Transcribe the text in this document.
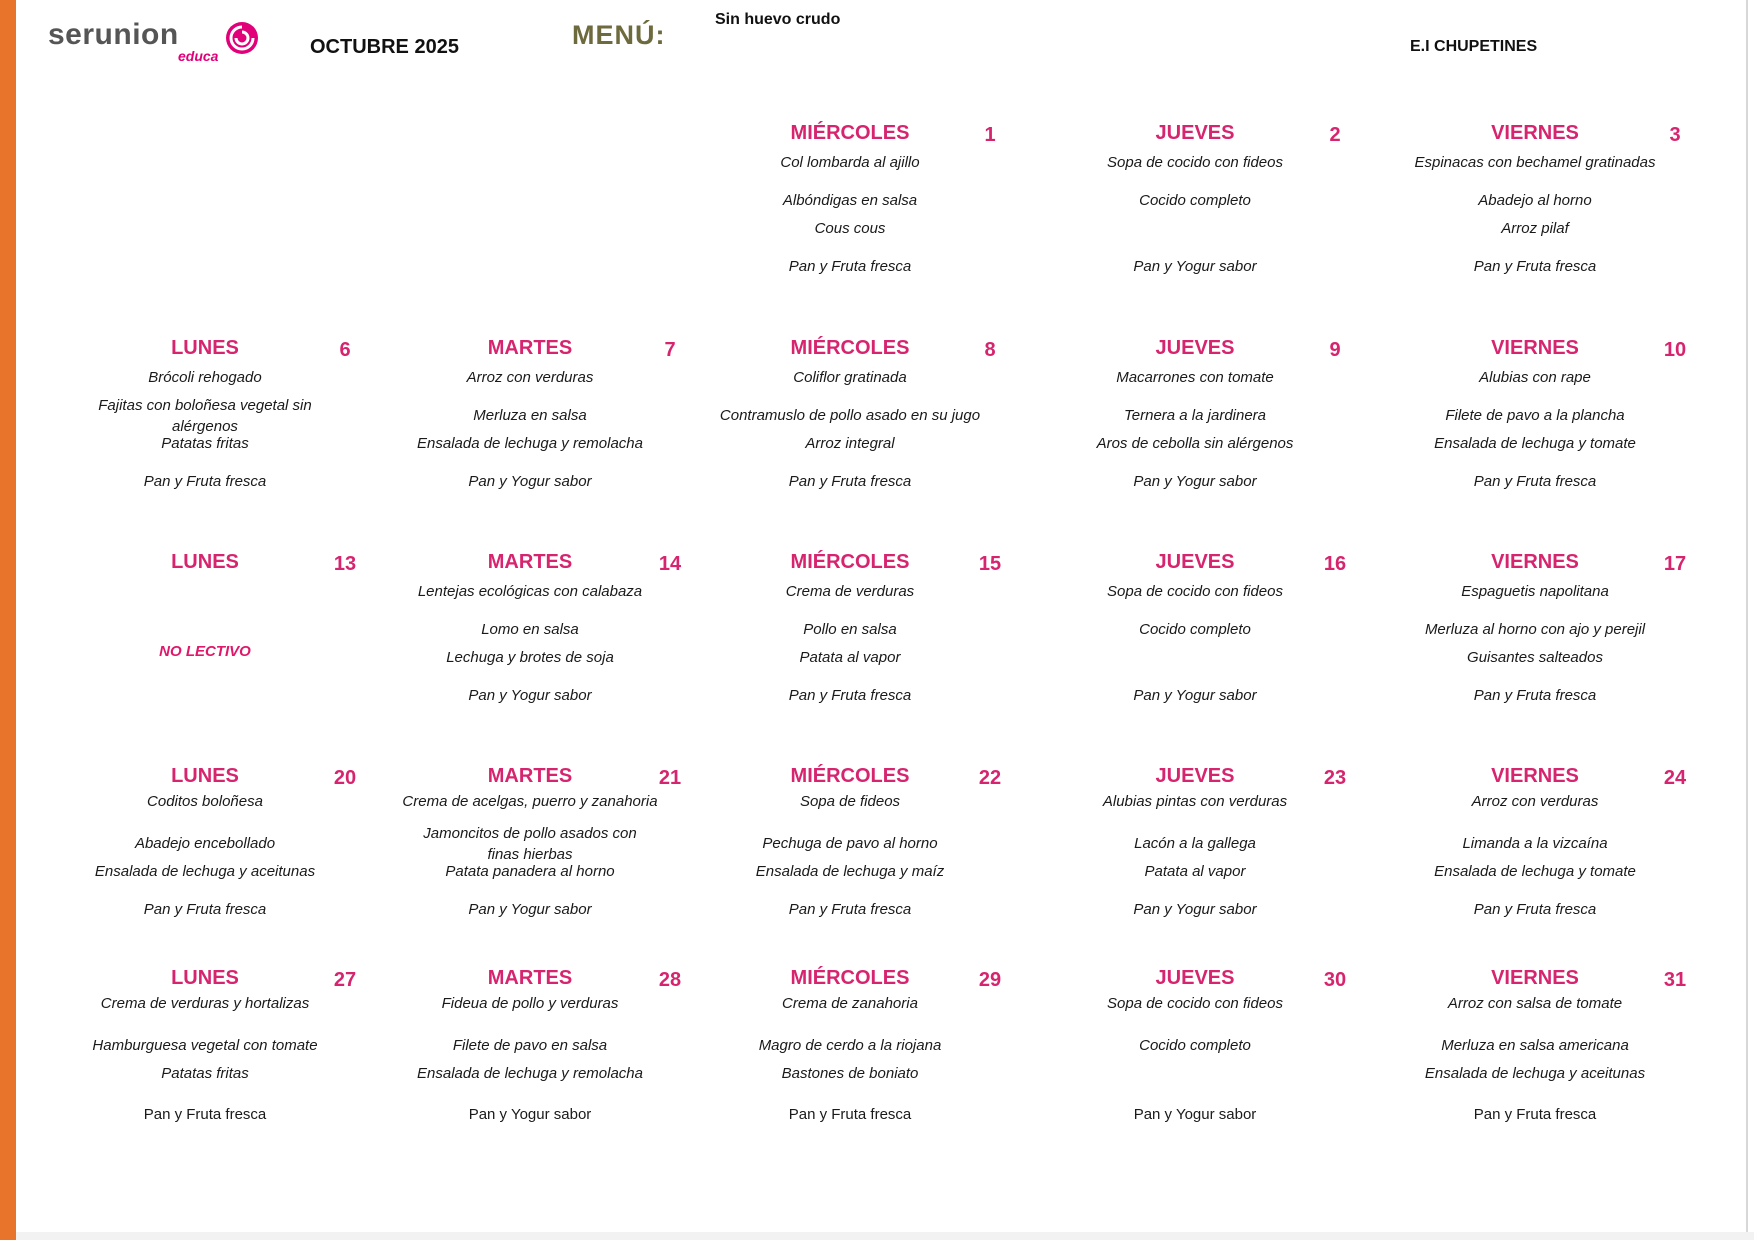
serunion
educa	OCTUBRE 2025	MENÚ:
Sin huevo crudo
E.I CHUPETINES
MIÉRCOLES	1
Col lombarda al ajillo
Albóndigas en salsa
Cous cous
Pan y Fruta fresca
JUEVES	2
Sopa de cocido con fideos
Cocido completo
Pan y Yogur sabor
VIERNES	3
Espinacas con bechamel gratinadas
Abadejo al horno
Arroz pilaf
Pan y Fruta fresca
LUNES	6
Brócoli rehogado
Fajitas con boloñesa vegetal sin alérgenos
Patatas fritas
Pan y Fruta fresca
MARTES	7
Arroz con verduras
Merluza en salsa
Ensalada de lechuga y remolacha
Pan y Yogur sabor
MIÉRCOLES	8
Coliflor gratinada
Contramuslo de pollo asado en su jugo
Arroz integral
Pan y Fruta fresca
JUEVES	9
Macarrones con tomate
Ternera a la jardinera
Aros de cebolla sin alérgenos
Pan y Yogur sabor
VIERNES	10
Alubias con rape
Filete de pavo a la plancha
Ensalada de lechuga y tomate
Pan y Fruta fresca
LUNES	13
NO LECTIVO
MARTES	14
Lentejas ecológicas con calabaza
Lomo en salsa
Lechuga y brotes de soja
Pan y Yogur sabor
MIÉRCOLES	15
Crema de verduras
Pollo en salsa
Patata al vapor
Pan y Fruta fresca
JUEVES	16
Sopa de cocido con fideos
Cocido completo
Pan y Yogur sabor
VIERNES	17
Espaguetis napolitana
Merluza al horno con ajo y perejil
Guisantes salteados
Pan y Fruta fresca
LUNES	20
Coditos boloñesa
Abadejo encebollado
Ensalada de lechuga y aceitunas
Pan y Fruta fresca
MARTES	21
Crema de acelgas, puerro y zanahoria
Jamoncitos de pollo asados con finas hierbas
Patata panadera al horno
Pan y Yogur sabor
MIÉRCOLES	22
Sopa de fideos
Pechuga de pavo al horno
Ensalada de lechuga y maíz
Pan y Fruta fresca
JUEVES	23
Alubias pintas con verduras
Lacón a la gallega
Patata al vapor
Pan y Yogur sabor
VIERNES	24
Arroz con verduras
Limanda a la vizcaína
Ensalada de lechuga y tomate
Pan y Fruta fresca
LUNES	27
Crema de verduras y hortalizas
Hamburguesa vegetal con tomate
Patatas fritas
Pan y Fruta fresca
MARTES	28
Fideua de pollo y verduras
Filete de pavo en salsa
Ensalada de lechuga y remolacha
Pan y Yogur sabor
MIÉRCOLES	29
Crema de zanahoria
Magro de cerdo a la riojana
Bastones de boniato
Pan y Fruta fresca
JUEVES	30
Sopa de cocido con fideos
Cocido completo
Pan y Yogur sabor
VIERNES	31
Arroz con salsa de tomate
Merluza en salsa americana
Ensalada de lechuga y aceitunas
Pan y Fruta fresca
